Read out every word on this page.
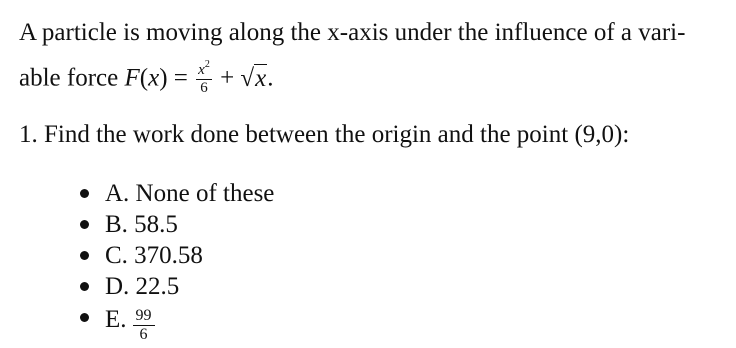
A particle is moving along the x-axis under the influence of a vari-
able force $F(x) = \frac{x^2}{6} + √x$.
1. Find the work done between the origin and the point (9,0):
A. None of these
B. 58.5
C. 370.58
D. 22.5
E. $\frac{99}{6}$
